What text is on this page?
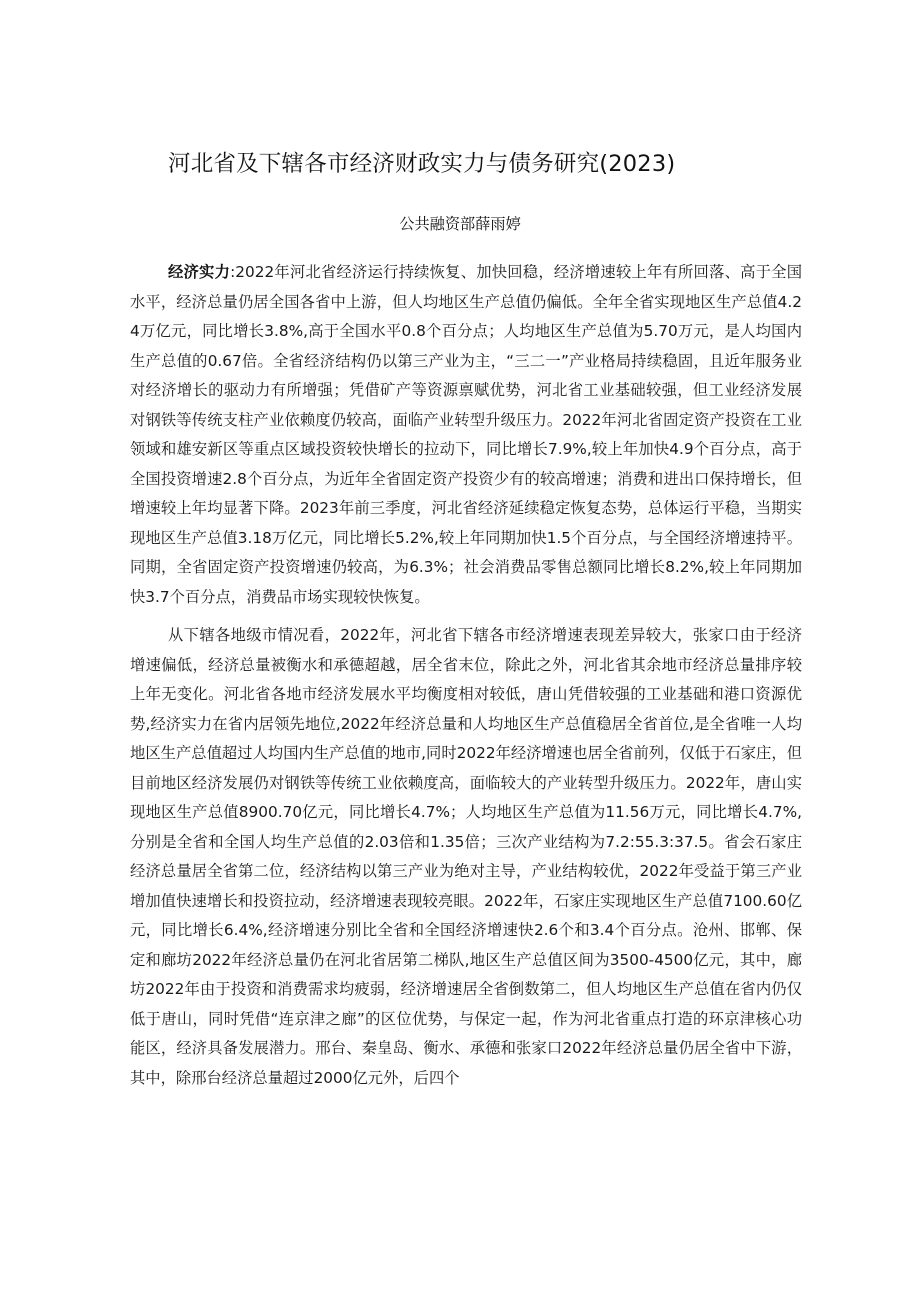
河北省及下辖各市经济财政实力与债务研究(2023)

公共融资部薛雨婷

经济实力:2022年河北省经济运行持续恢复、加快回稳，经济增速较上年有所回落、高于全国水平，经济总量仍居全国各省中上游，但人均地区生产总值仍偏低。全年全省实现地区生产总值4.24万亿元，同比增长3.8%,高于全国水平0.8个百分点；人均地区生产总值为5.70万元，是人均国内生产总值的0.67倍。全省经济结构仍以第三产业为主，“三二一”产业格局持续稳固，且近年服务业对经济增长的驱动力有所增强；凭借矿产等资源禀赋优势，河北省工业基础较强，但工业经济发展对钢铁等传统支柱产业依赖度仍较高，面临产业转型升级压力。2022年河北省固定资产投资在工业领域和雄安新区等重点区域投资较快增长的拉动下，同比增长7.9%,较上年加快4.9个百分点，高于全国投资增速2.8个百分点，为近年全省固定资产投资少有的较高增速；消费和进出口保持增长，但增速较上年均显著下降。2023年前三季度，河北省经济延续稳定恢复态势，总体运行平稳，当期实现地区生产总值3.18万亿元，同比增长5.2%,较上年同期加快1.5个百分点，与全国经济增速持平。同期，全省固定资产投资增速仍较高，为6.3%；社会消费品零售总额同比增长8.2%,较上年同期加快3.7个百分点，消费品市场实现较快恢复。

从下辖各地级市情况看，2022年，河北省下辖各市经济增速表现差异较大，张家口由于经济增速偏低，经济总量被衡水和承德超越，居全省末位，除此之外，河北省其余地市经济总量排序较上年无变化。河北省各地市经济发展水平均衡度相对较低，唐山凭借较强的工业基础和港口资源优势,经济实力在省内居领先地位,2022年经济总量和人均地区生产总值稳居全省首位,是全省唯一人均地区生产总值超过人均国内生产总值的地市,同时2022年经济增速也居全省前列，仅低于石家庄，但目前地区经济发展仍对钢铁等传统工业依赖度高，面临较大的产业转型升级压力。2022年，唐山实现地区生产总值8900.70亿元，同比增长4.7%；人均地区生产总值为11.56万元，同比增长4.7%,分别是全省和全国人均生产总值的2.03倍和1.35倍；三次产业结构为7.2:55.3:37.5。省会石家庄经济总量居全省第二位，经济结构以第三产业为绝对主导，产业结构较优，2022年受益于第三产业增加值快速增长和投资拉动，经济增速表现较亮眼。2022年，石家庄实现地区生产总值7100.60亿元，同比增长6.4%,经济增速分别比全省和全国经济增速快2.6个和3.4个百分点。沧州、邯郸、保定和廊坊2022年经济总量仍在河北省居第二梯队,地区生产总值区间为3500-4500亿元，其中，廊坊2022年由于投资和消费需求均疲弱，经济增速居全省倒数第二，但人均地区生产总值在省内仍仅低于唐山，同时凭借“连京津之廊”的区位优势，与保定一起，作为河北省重点打造的环京津核心功能区，经济具备发展潜力。邢台、秦皇岛、衡水、承德和张家口2022年经济总量仍居全省中下游，其中，除邢台经济总量超过2000亿元外，后四个
